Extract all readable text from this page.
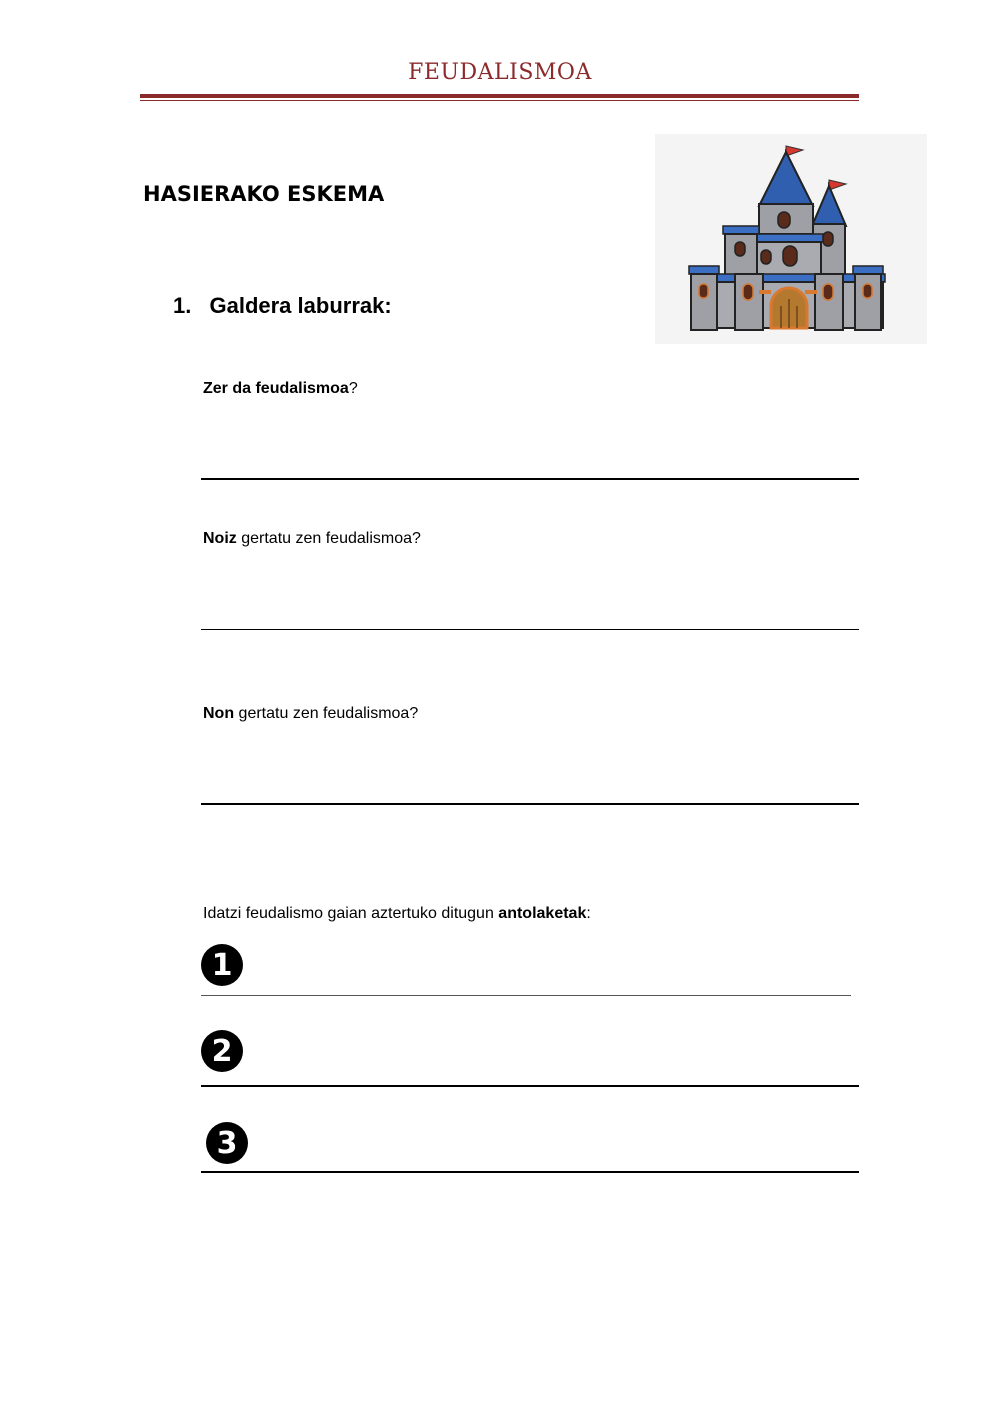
FEUDALISMOA
HASIERAKO ESKEMA
1. Galdera laburrak:
Zer da feudalismoa?
Noiz gertatu zen feudalismoa?
Non gertatu zen feudalismoa?
Idatzi feudalismo gaian aztertuko ditugun antolaketak:
1
2
3
